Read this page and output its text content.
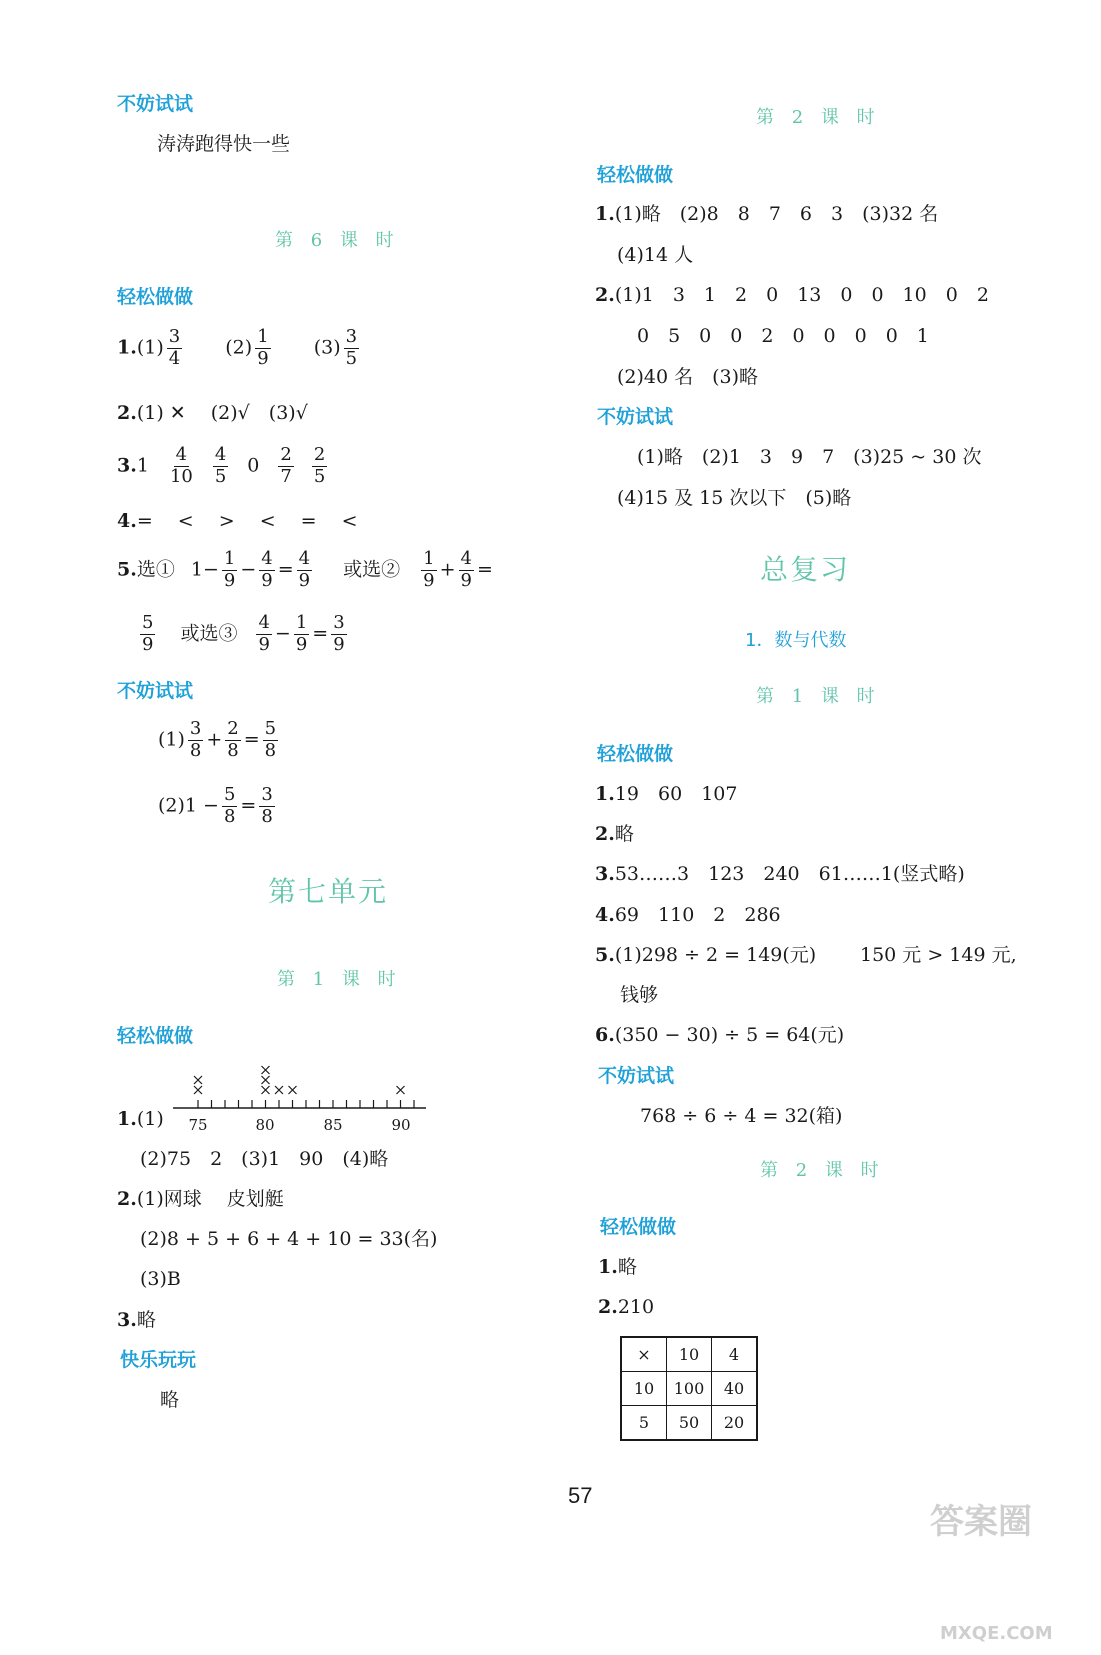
不妨试试
涛涛跑得快一些
第 6 课 时
轻松做做
$1.(1) \frac{3}{4} (2) \frac{1}{9} (3) \frac{3}{5}$
2.(1) ✕　 (2)√　(3)√
$3.1 \frac{4}{10} \frac{4}{5} 0 \frac{2}{7} \frac{2}{5}$
4.=　 <　 >　 <　 =　 <
5.选① $1- \frac{1}{9} - \frac{4}{9} = \frac{4}{9}$ 或选② $\frac{1}{9} + \frac{4}{9}$ =
$\frac{5}{9}$ 或选③ $\frac{4}{9} - \frac{1}{9} = \frac{3}{9}$
不妨试试
$(1) \frac{3}{8} + \frac{2}{8} = \frac{5}{8}$
$(2)1 - \frac{5}{8} = \frac{3}{8}$
第七单元
第 1 课 时
轻松做做
1.(1) 75	80	85	90
(2)75　2　(3)1　90　(4)略
2.(1)网球　 皮划艇
(2)8 + 5 + 6 + 4 + 10 = 33(名)
(3)B
3.略
快乐玩玩
略
第 2 课 时
轻松做做
1.(1)略　(2)8　8　7　6　3　(3)32 名
(4)14 人
2.(1)1　3　1　2　0　13　0　0　10　0　2
0　5　0　0　2　0　0　0　0　1
(2)40 名　(3)略
不妨试试
(1)略　(2)1　3　9　7　(3)25 ~ 30 次
(4)15 及 15 次以下　(5)略
总复习
1．数与代数
第 1 课 时
轻松做做
1.19　60　107
2.略
3.53……3　123　240　61……1(竖式略)
4.69　110　2　286
5.(1)298 ÷ 2 = 149(元) 150 元 > 149 元,
钱够
6.(350 − 30) ÷ 5 = 64(元)
不妨试试
768 ÷ 6 ÷ 4 = 32(箱)
第 2 课 时
轻松做做
1.略
2.210
×	10	4
10	100	40
5	50	20
57
答案圈
MXQE.COM
